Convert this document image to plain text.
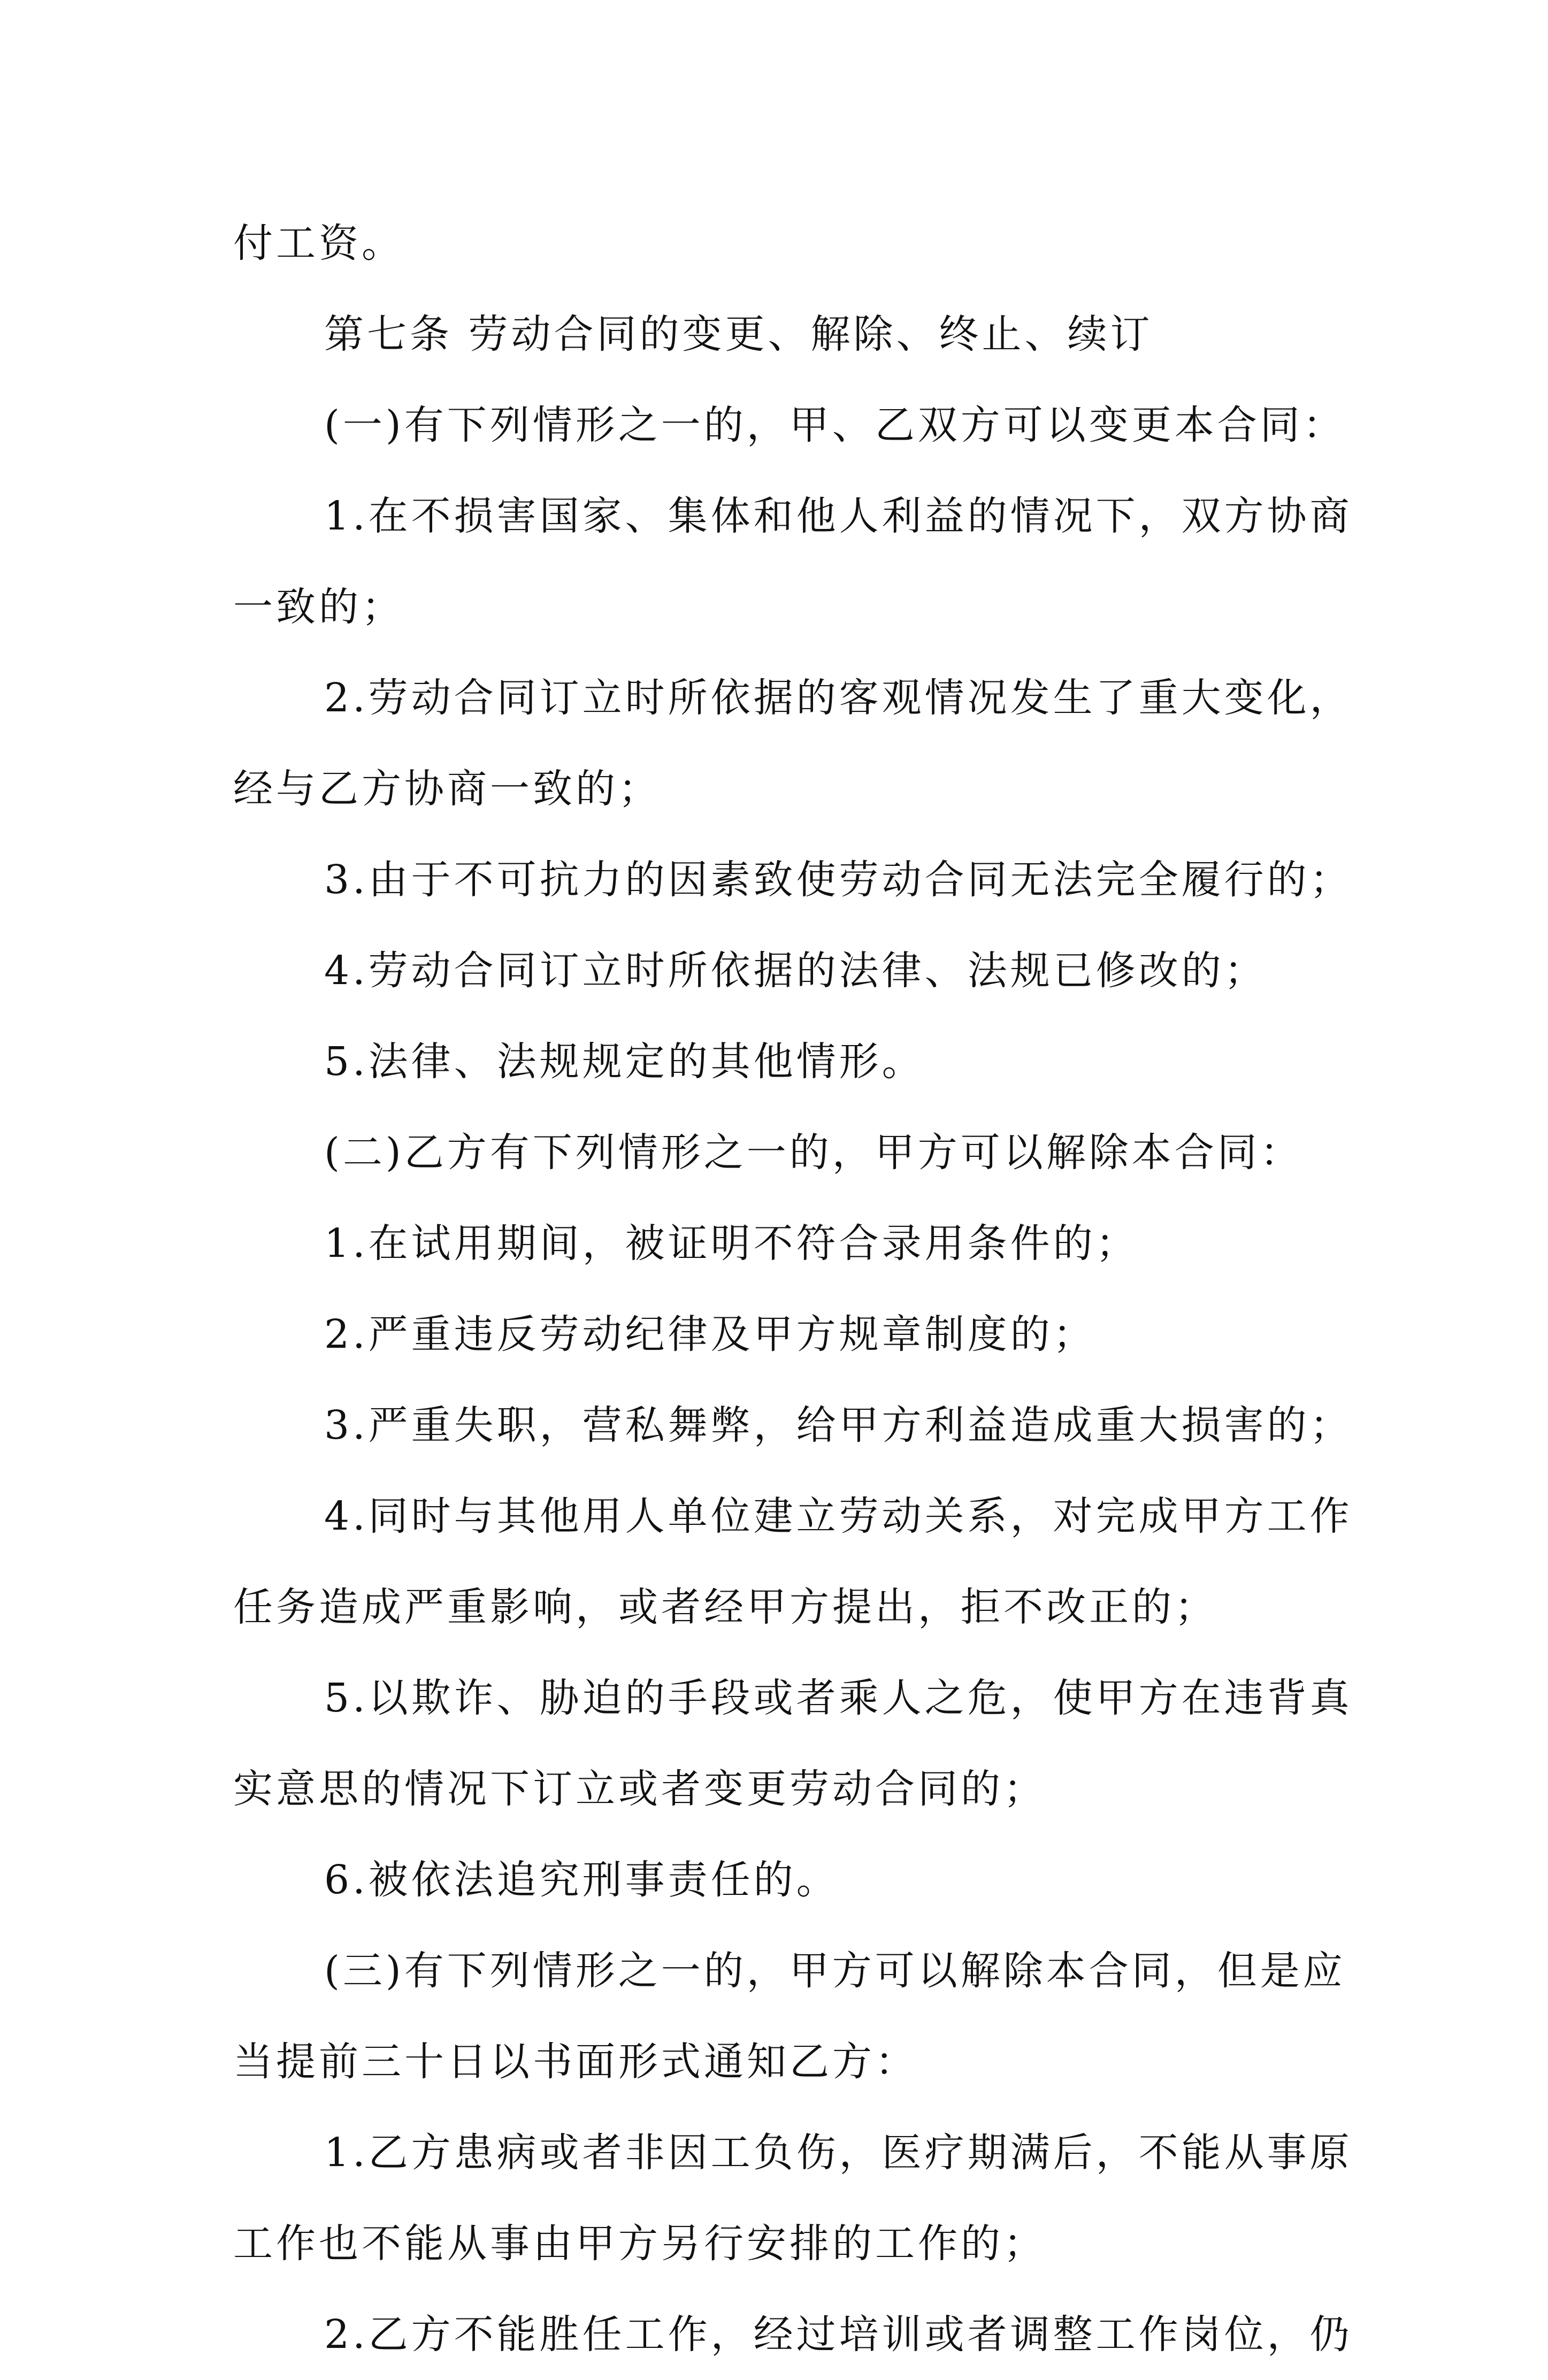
付工资。
第七条 劳动合同的变更、解除、终止、续订
(一)有下列情形之一的，甲、乙双方可以变更本合同：
1.在不损害国家、集体和他人利益的情况下，双方协商
一致的；
2.劳动合同订立时所依据的客观情况发生了重大变化，
经与乙方协商一致的；
3.由于不可抗力的因素致使劳动合同无法完全履行的；
4.劳动合同订立时所依据的法律、法规已修改的；
5.法律、法规规定的其他情形。
(二)乙方有下列情形之一的，甲方可以解除本合同：
1.在试用期间，被证明不符合录用条件的；
2.严重违反劳动纪律及甲方规章制度的；
3.严重失职，营私舞弊，给甲方利益造成重大损害的；
4.同时与其他用人单位建立劳动关系，对完成甲方工作
任务造成严重影响，或者经甲方提出，拒不改正的；
5.以欺诈、胁迫的手段或者乘人之危，使甲方在违背真
实意思的情况下订立或者变更劳动合同的；
6.被依法追究刑事责任的。
(三)有下列情形之一的，甲方可以解除本合同，但是应
当提前三十日以书面形式通知乙方：
1.乙方患病或者非因工负伤，医疗期满后，不能从事原
工作也不能从事由甲方另行安排的工作的；
2.乙方不能胜任工作，经过培训或者调整工作岗位，仍
